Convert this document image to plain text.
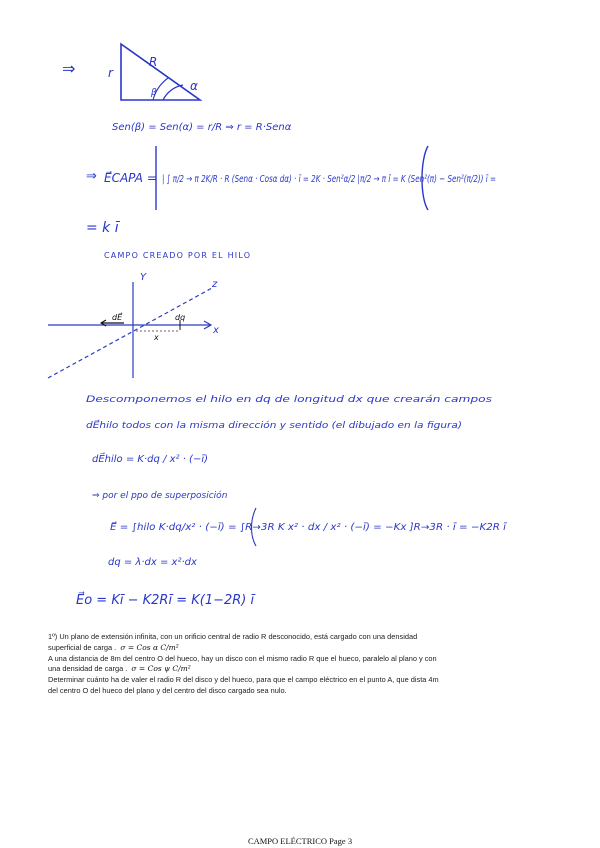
⇒	r
R
β	α
Sen(β) = Sen(α) = r/R ⇒ r = R·Senα
⇒ E⃗CAPA = | ∫ π/2 → π 2K/R · R (Senα · Cosα dα) · ī = 2K · Sen²α/2 |π/2 → π ī = K (Sen²(π) − Sen²(π/2)) ī =
= k ī
CAMPO CREADO POR EL HILO
Y
z
x
dE⃗	dq
x
Descomponemos el hilo en dq de longitud dx que crearán campos
dE⃗hilo todos con la misma dirección y sentido (el dibujado en la figura)
dE⃗hilo = K·dq / x² · (−ī)
⇒ por el ppo de superposición
E⃗ = ∫hilo K·dq/x² · (−ī) = ∫R→3R K x² · dx / x² · (−ī) = −Kx ]R→3R · ī = −K2R ī
dq = λ·dx = x²·dx
E⃗o = Kī − K2Rī = K(1−2R) ī

1º) Un plano de extensión infinita, con un orificio central de radio R desconocido, está cargado con una densidad

superficial de carga . σ = Cos α C/m²

A una distancia de 8m del centro O del hueco, hay un disco con el mismo radio R que el hueco, paralelo al plano y con

una densidad de carga . σ = Cos ψ C/m²

Determinar cuánto ha de valer el radio R del disco y del hueco, para que el campo eléctrico en el punto A, que dista 4m

del centro O del hueco del plano y del centro del disco cargado sea nulo.

CAMPO ELÉCTRICO Page 3
